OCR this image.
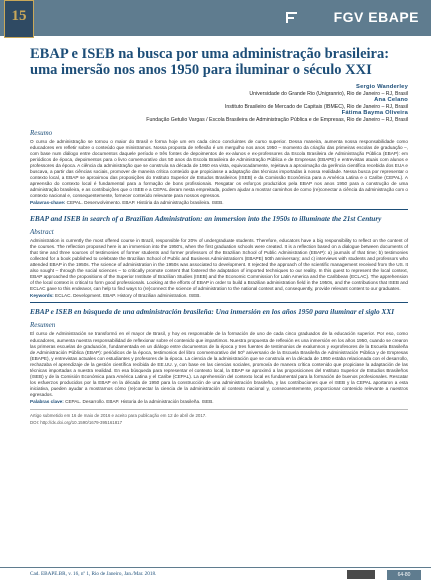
15	FGV EBAPE
EBAP e ISEB na busca por uma administração brasileira: uma imersão nos anos 1950 para iluminar o século XXI
Sergio Wanderley
Universidade do Grande Rio (Unigranrio), Rio de Janeiro – RJ, Brasil
Ana Celano
Instituto Brasileiro de Mercado de Capitais (IBMEC), Rio de Janeiro – RJ, Brasil
Fátima Bayma Oliveira
Fundação Getulio Vargas / Escola Brasileira de Administração Pública e de Empresas, Rio de Janeiro – RJ, Brasil
Resumo

O curso de administração se tornou o maior do Brasil e forma hoje um em cada cinco concluintes de curso superior. Dessa maneira, aumenta nossa responsabilidade como educadores em refletir sobre o conteúdo que ministramos. Nossa proposta de reflexão é um mergulho nos anos 1950 – momento da criação das primeiras escolas de graduação –, com base num diálogo entre documentos daquele período e três fontes de depoimentos de ex-alunos e ex-professores da Escola Brasileira de Administração Pública (EBAP): em periódicos de época, depoimentos para o livro comemorativo dos 50 anos da Escola Brasileira de Administração Pública e de Empresas (EBAPE) e entrevistas atuais com alunos e professores da época. A ciência da administração que se construía na década de 1950 era vista, equivocadamente, rejeitava a aproximação da gerência científica recebida dos EUA e buscava, a partir das ciências sociais, promover de maneira crítica conteúdo que propiciasse a adaptação das técnicas importadas à nossa realidade. Nessa busca por representar o contexto local, a EBAP se aproximou das proposições do Instituto Superior de Estudos Brasileiros (ISEB) e da Comissão Econômica para a América Latina e o Caribe (CEPAL). A apreensão do contexto local é fundamental para a formação de bons profissionais. Resgatar os esforços produzidos pela EBAP nos anos 1950 para a construção de uma administração brasileira, e as contribuições que o ISEB e a CEPAL deram nesta empreitada, podem ajudar a mostrar caminhos de como (re)conectar a ciência da administração com o contexto nacional e, consequentemente, fornecer conteúdo relevante para nossos egressos.

Palavras-chave: CEPAL. Desenvolvimento. EBAP. História da administração brasileira. ISEB.

EBAP and ISEB in search of a Brazilian Administration: an immersion into the 1950s to illuminate the 21st Century
Abstract

Administration is currently the most offered course in Brazil, responsible for 20% of undergraduate students. Therefore, educators have a big responsibility to reflect on the content of the courses. The reflection proposed here is an immersion into the 1950's, when the first graduation schools were created. It is a reflection based on a dialogue between documents of that time and three sources of testimonies of former students and former professors of the Brazilian School of Public Administration (EBAP): a) journals of that time; b) testimonies collected for a book published to celebrate the Brazilian School of Public and Business Administration's (EBAPE) 50th anniversary; and c) interviews with students and professors who attended EBAP in the 1950s. The science of administration in the 1950s was associated to development. It rejected the approach of the scientific management received from the US. It also sought – through the social sciences – to critically promote content that fostered the adaptation of imported techniques to our reality. In this quest to represent the local context, EBAP approached the propositions of the Superior Institute of Brazilian Studies (ISEB) and the Economic Commission for Latin America and the Caribbean (ECLAC). The apprehension of the local context is critical to form good professionals. Looking at the efforts of EBAP in order to build a Brazilian administration field in the 1950s, and the contributions that ISEB and ECLAC gave to this endeavor, can help to find ways to (re)connect the science of administration to the national context and, consequently, provide relevant content to our graduates.

Keywords: ECLAC. Development. EBAP. History of Brazilian administration. ISEB.

EBAP e ISEB en búsqueda de una administración brasileña: Una inmersión en los años 1950 para iluminar el siglo XXI
Resumen

El curso de Administración se transformó en el mayor de Brasil, y hoy es responsable de la formación de uno de cada cinco graduados de la educación superior. Por eso, como educadores, aumenta nuestra responsabilidad de reflexionar sobre el contenido que impartimos. Nuestra propuesta de reflexión es una inmersión en los años 1950, cuando se crearon las primeras escuelas de graduación, fundamentada en un diálogo entre documentos de la época y tres fuentes de testimonios de exalumnos y exprofesores de la Escuela Brasileña de Administración Pública (EBAP): periódicos de la época, testimonios del libro conmemorativo del 50º aniversario de la Escuela Brasileña de Administración Pública y de Empresas (EBAPE), y entrevistas actuales con estudiantes y profesores de la época. La ciencia de la administración que se construía en la década de 1950 estaba relacionada con el desarrollo, rechazaba el aprendizaje de la gestión científica recibida de EE.UU. y, con base en las ciencias sociales, promovía de manera crítica contenido que propiciase la adaptación de las técnicas importadas a nuestra realidad. En esa búsqueda para representar el contexto local, la EBAP se aproximó a las proposiciones del Instituto Superior de Estudios Brasileños (ISEB) y de la Comisión Económica para América Latina y el Caribe (CEPAL). La aprehensión del contexto local es fundamental para la formación de buenos profesionales. Rescatar los esfuerzos producidos por la EBAP en la década de 1950 para la construcción de una administración brasileña, y las contribuciones que el ISEB y la CEPAL aportaron a esta iniciativa, pueden ayudar a mostrarnos cómo (re)conectar la ciencia de la administración al contexto nacional y, consecuentemente, proporcionar contenido relevante a nuestros egresados.

Palabras clave: CEPAL. Desarrollo. EBAP. Historia de la administración brasileña. ISEB.

Artigo submetido em 16 de maio de 2016 e aceito para publicação em 12 de abril de 2017.
DOI: http://dx.doi.org/10.1590/1679-395161817
Cad. EBAPE.BR, v. 16, nº 1, Rio de Janeiro, Jan./Mar. 2018.	64-80
